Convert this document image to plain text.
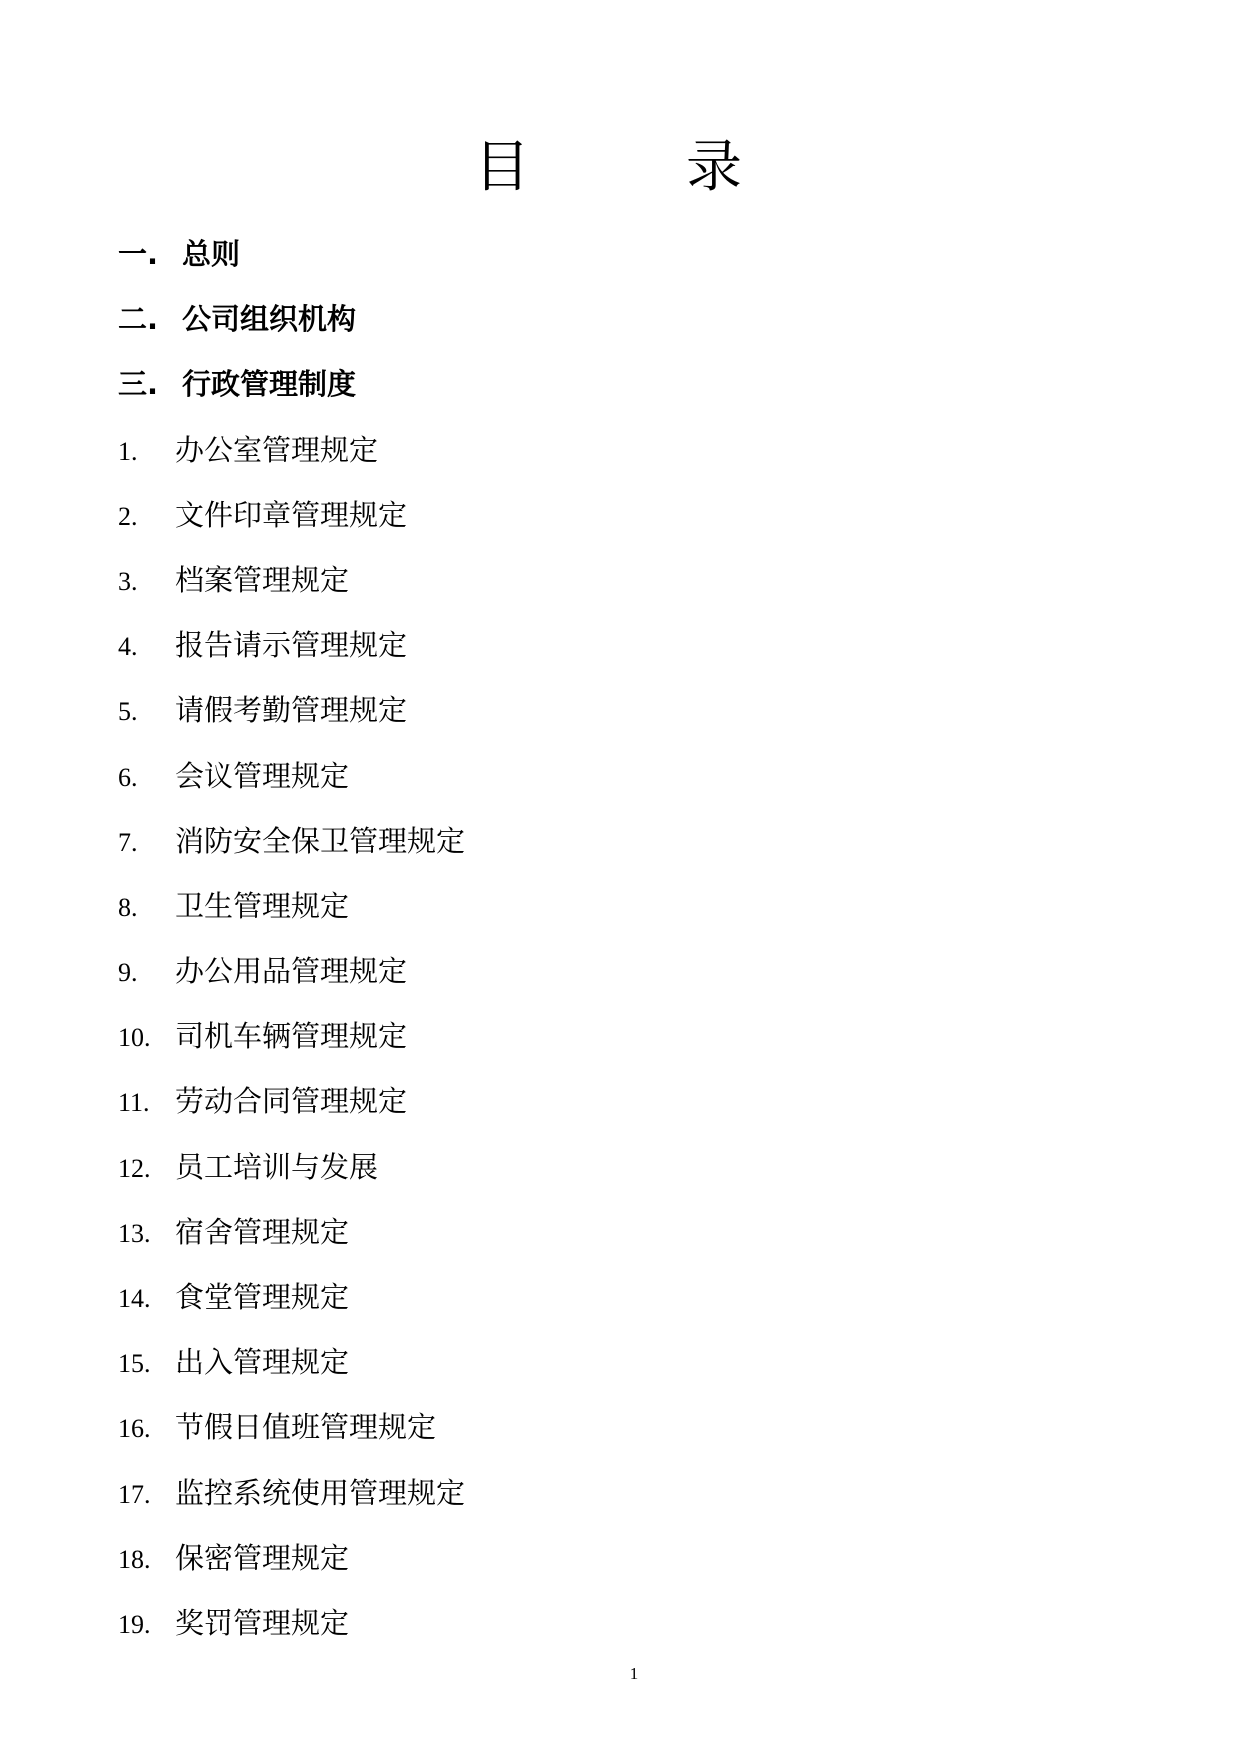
目	录
一. 总则
二. 公司组织机构
三. 行政管理制度
1. 办公室管理规定
2. 文件印章管理规定
3. 档案管理规定
4. 报告请示管理规定
5. 请假考勤管理规定
6. 会议管理规定
7. 消防安全保卫管理规定
8. 卫生管理规定
9. 办公用品管理规定
10. 司机车辆管理规定
11. 劳动合同管理规定
12. 员工培训与发展
13. 宿舍管理规定
14. 食堂管理规定
15. 出入管理规定
16. 节假日值班管理规定
17. 监控系统使用管理规定
18. 保密管理规定
19. 奖罚管理规定
1
